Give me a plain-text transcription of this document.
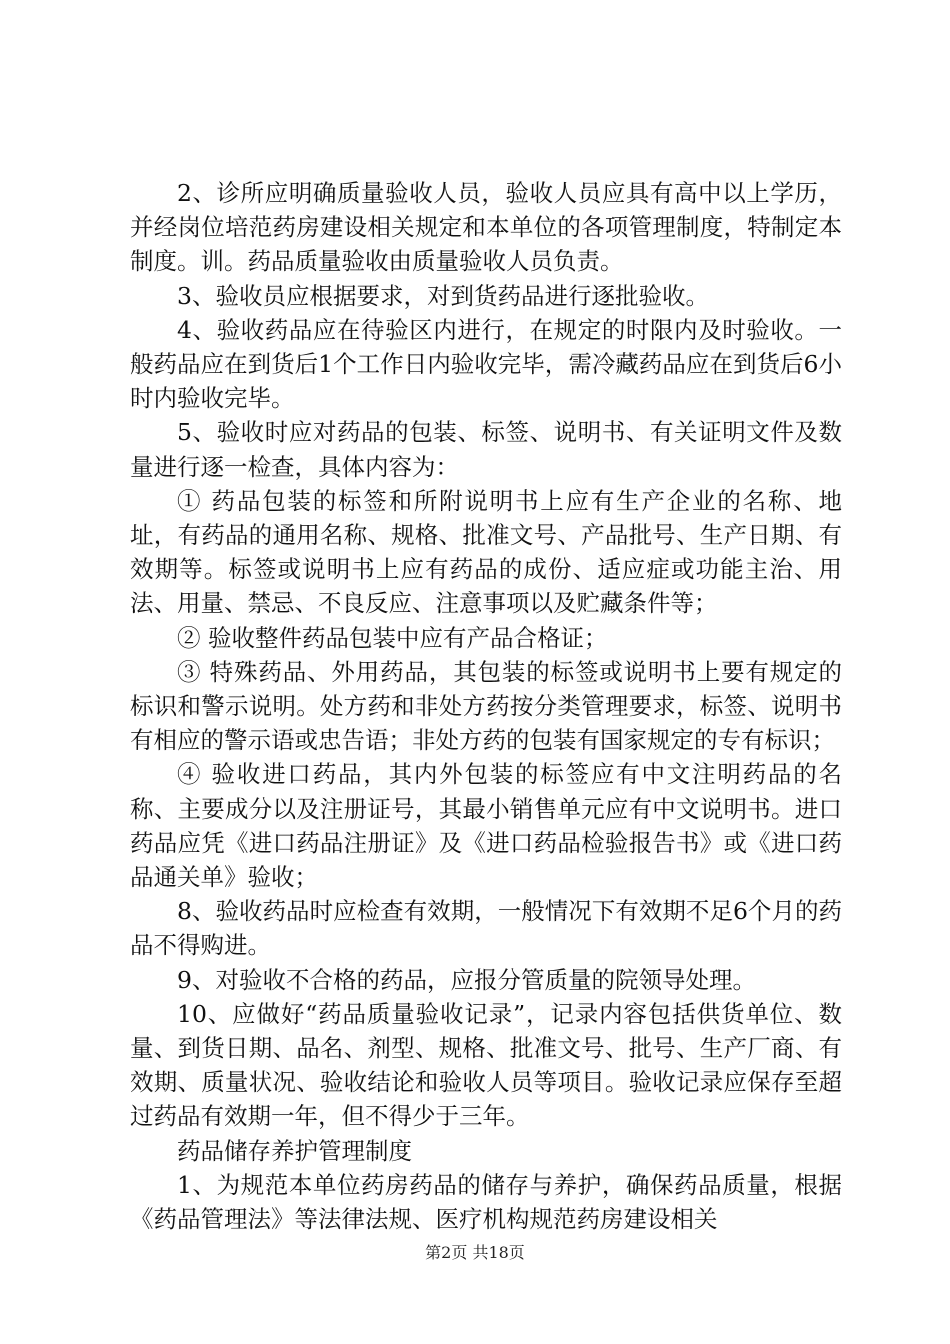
2、诊所应明确质量验收人员，验收人员应具有高中以上学历，并经岗位培范药房建设相关规定和本单位的各项管理制度，特制定本制度。训。药品质量验收由质量验收人员负责。

3、验收员应根据要求，对到货药品进行逐批验收。

4、验收药品应在待验区内进行，在规定的时限内及时验收。一般药品应在到货后1个工作日内验收完毕，需冷藏药品应在到货后6小时内验收完毕。

5、验收时应对药品的包装、标签、说明书、有关证明文件及数量进行逐一检查，具体内容为：

① 药品包装的标签和所附说明书上应有生产企业的名称、地址，有药品的通用名称、规格、批准文号、产品批号、生产日期、有效期等。标签或说明书上应有药品的成份、适应症或功能主治、用法、用量、禁忌、不良反应、注意事项以及贮藏条件等；

② 验收整件药品包装中应有产品合格证；

③ 特殊药品、外用药品，其包装的标签或说明书上要有规定的标识和警示说明。处方药和非处方药按分类管理要求，标签、说明书有相应的警示语或忠告语；非处方药的包装有国家规定的专有标识；

④ 验收进口药品，其内外包装的标签应有中文注明药品的名称、主要成分以及注册证号，其最小销售单元应有中文说明书。进口药品应凭《进口药品注册证》及《进口药品检验报告书》或《进口药品通关单》验收；

8、验收药品时应检查有效期，一般情况下有效期不足6个月的药品不得购进。

9、对验收不合格的药品，应报分管质量的院领导处理。

10、应做好“药品质量验收记录”，记录内容包括供货单位、数量、到货日期、品名、剂型、规格、批准文号、批号、生产厂商、有效期、质量状况、验收结论和验收人员等项目。验收记录应保存至超过药品有效期一年，但不得少于三年。

药品储存养护管理制度

1、为规范本单位药房药品的储存与养护，确保药品质量，根据《药品管理法》等法律法规、医疗机构规范药房建设相关

第2页 共18页
